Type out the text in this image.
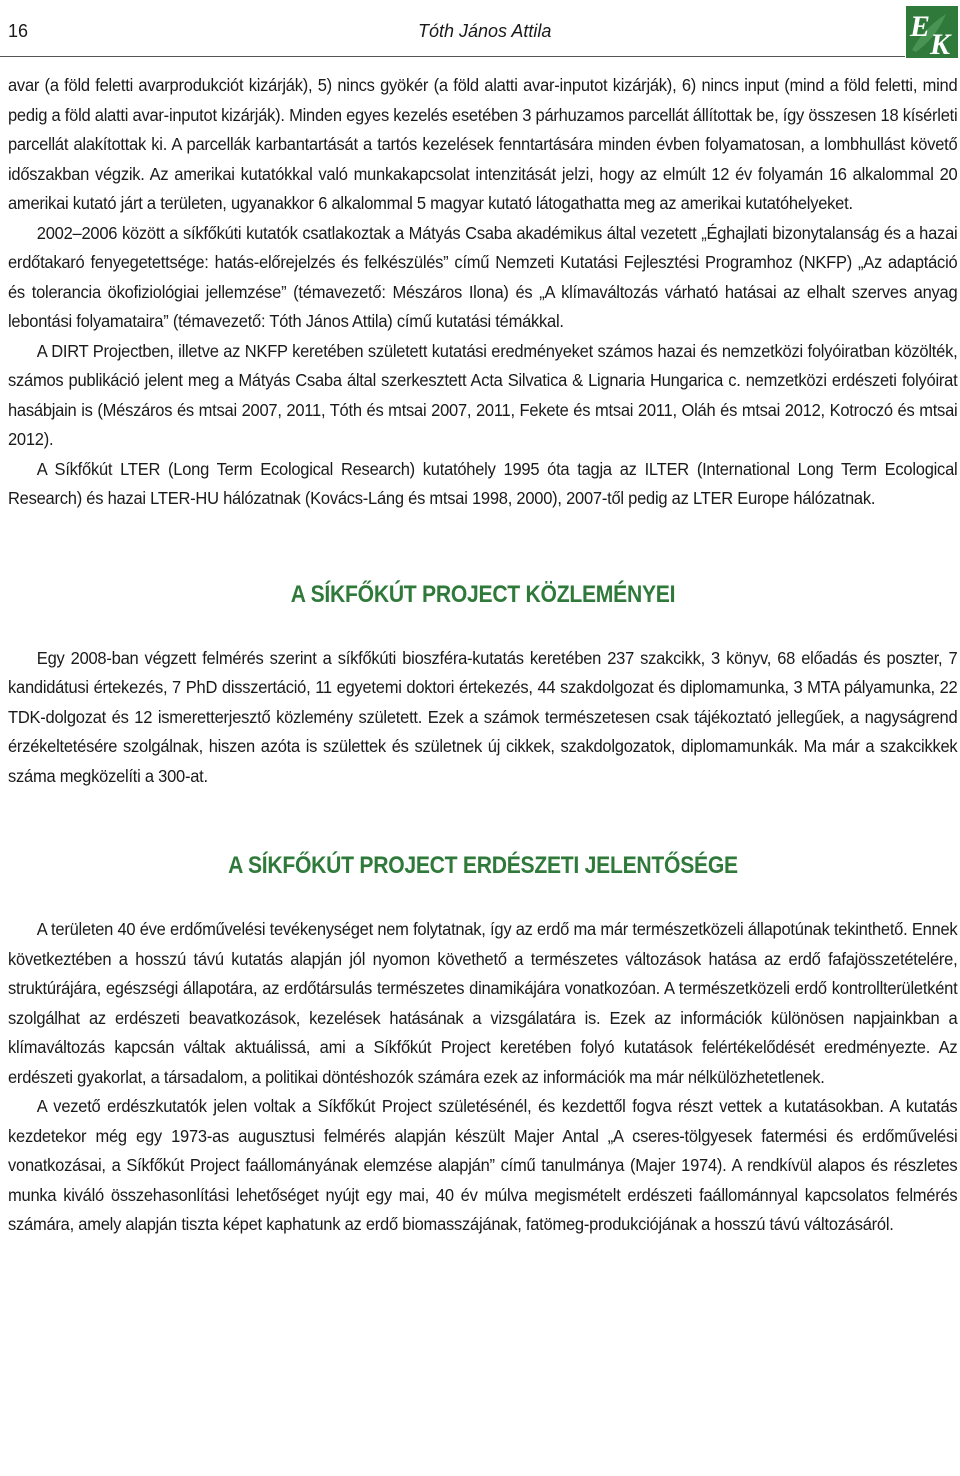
16	Tóth János Attila	E
K

avar (a föld feletti avarprodukciót kizárják), 5) nincs gyökér (a föld alatti avar-inputot kizárják), 6) nincs input (mind a föld feletti, mind pedig a föld alatti avar-inputot kizárják). Minden egyes kezelés esetében 3 párhuzamos parcellát állítottak be, így összesen 18 kísérleti parcellát alakítottak ki. A parcellák karbantartását a tartós kezelések fenntartására minden évben folyamatosan, a lombhullást követő időszakban végzik. Az amerikai kutatókkal való munkakapcsolat intenzitását jelzi, hogy az elmúlt 12 év folyamán 16 alkalommal 20 amerikai kutató járt a területen, ugyanakkor 6 alkalommal 5 magyar kutató látogathatta meg az amerikai kutatóhelyeket.

2002–2006 között a síkfőkúti kutatók csatlakoztak a Mátyás Csaba akadémikus által vezetett „Éghajlati bizonytalanság és a hazai erdőtakaró fenyegetettsége: hatás-előrejelzés és felkészülés” című Nemzeti Kutatási Fejlesztési Programhoz (NKFP) „Az adaptáció és tolerancia ökofiziológiai jellemzése” (témavezető: Mészáros Ilona) és „A klímaváltozás várható hatásai az elhalt szerves anyag lebontási folyamataira” (témavezető: Tóth János Attila) című kutatási témákkal.

A DIRT Projectben, illetve az NKFP keretében született kutatási eredményeket számos hazai és nemzetközi folyóiratban közölték, számos publikáció jelent meg a Mátyás Csaba által szerkesztett Acta Silvatica & Lignaria Hungarica c. nemzetközi erdészeti folyóirat hasábjain is (Mészáros és mtsai 2007, 2011, Tóth és mtsai 2007, 2011, Fekete és mtsai 2011, Oláh és mtsai 2012, Kotroczó és mtsai 2012).

A Síkfőkút LTER (Long Term Ecological Research) kutatóhely 1995 óta tagja az ILTER (International Long Term Ecological Research) és hazai LTER-HU hálózatnak (Kovács-Láng és mtsai 1998, 2000), 2007-től pedig az LTER Europe hálózatnak.

A SÍKFŐKÚT PROJECT KÖZLEMÉNYEI

Egy 2008-ban végzett felmérés szerint a síkfőkúti bioszféra-kutatás keretében 237 szakcikk, 3 könyv, 68 előadás és poszter, 7 kandidátusi értekezés, 7 PhD disszertáció, 11 egyetemi doktori értekezés, 44 szakdolgozat és diplomamunka, 3 MTA pályamunka, 22 TDK-dolgozat és 12 ismeretterjesztő közlemény született. Ezek a számok természetesen csak tájékoztató jellegűek, a nagyságrend érzékeltetésére szolgálnak, hiszen azóta is születtek és születnek új cikkek, szakdolgozatok, diplomamunkák. Ma már a szakcikkek száma megközelíti a 300-at.

A SÍKFŐKÚT PROJECT ERDÉSZETI JELENTŐSÉGE

A területen 40 éve erdőművelési tevékenységet nem folytatnak, így az erdő ma már természetközeli állapotúnak tekinthető. Ennek következtében a hosszú távú kutatás alapján jól nyomon követhető a természetes változások hatása az erdő fafajösszetételére, struktúrájára, egészségi állapotára, az erdőtársulás természetes dinamikájára vonatkozóan. A természetközeli erdő kontrollterületként szolgálhat az erdészeti beavatkozások, kezelések hatásának a vizsgálatára is. Ezek az információk különösen napjainkban a klímaváltozás kapcsán váltak aktuálissá, ami a Síkfőkút Project keretében folyó kutatások felértékelődését eredményezte. Az erdészeti gyakorlat, a társadalom, a politikai döntéshozók számára ezek az információk ma már nélkülözhetetlenek.

A vezető erdészkutatók jelen voltak a Síkfőkút Project születésénél, és kezdettől fogva részt vettek a kutatásokban. A kutatás kezdetekor még egy 1973-as augusztusi felmérés alapján készült Majer Antal „A cseres-tölgyesek fatermési és erdőművelési vonatkozásai, a Síkfőkút Project faállományának elemzése alapján” című tanulmánya (Majer 1974). A rendkívül alapos és részletes munka kiváló összehasonlítási lehetőséget nyújt egy mai, 40 év múlva megismételt erdészeti faállománnyal kapcsolatos felmérés számára, amely alapján tiszta képet kaphatunk az erdő biomasszájának, fatömeg-produkciójának a hosszú távú változásáról.
